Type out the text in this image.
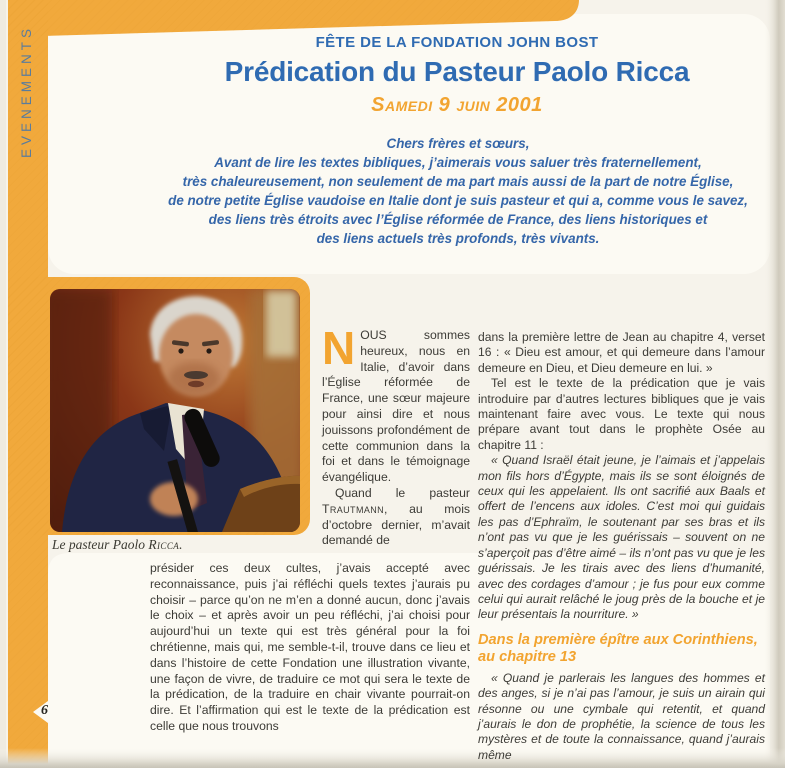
EVENEMENTS	FÊTE DE LA FONDATION JOHN BOST
Prédication du Pasteur Paolo Ricca
Samedi 9 juin 2001
Chers frères et sœurs,
Avant de lire les textes bibliques, j’aimerais vous saluer très fraternellement,
très chaleureusement, non seulement de ma part mais aussi de la part de notre Église,
de notre petite Église vaudoise en Italie dont je suis pasteur et qui a, comme vous le savez,
des liens très étroits avec l’Église réformée de France, des liens historiques et
des liens actuels très profonds, très vivants.
Le pasteur Paolo Ricca.

NOUS sommes heureux, nous en Italie, d’avoir dans l’Église réformée de France, une sœur majeure pour ainsi dire et nous jouissons profondément de cette communion dans la foi et dans le témoignage évangélique.

Quand le pasteur Trautmann, au mois d’octobre dernier, m’avait demandé de

présider ces deux cultes, j’avais accepté avec reconnaissance, puis j’ai réfléchi quels textes j’aurais pu choisir – parce qu’on ne m’en a donné aucun, donc j’avais le choix – et après avoir un peu réfléchi, j’ai choisi pour aujourd’hui un texte qui est très général pour la foi chrétienne, mais qui, me semble-t-il, trouve dans ce lieu et dans l’histoire de cette Fondation une illustration vivante, une façon de vivre, de traduire ce mot qui sera le texte de la prédication, de la traduire en chair vivante pourrait-on dire. Et l’affirmation qui est le texte de la prédication est celle que nous trouvons

dans la première lettre de Jean au chapitre 4, verset 16 : « Dieu est amour, et qui demeure dans l’amour demeure en Dieu, et Dieu demeure en lui. »

Tel est le texte de la prédication que je vais introduire par d’autres lectures bibliques que je vais maintenant faire avec vous. Le texte qui nous prépare avant tout dans le prophète Osée au chapitre 11 :

« Quand Israël était jeune, je l’aimais et j’appelais mon fils hors d’Égypte, mais ils se sont éloignés de ceux qui les appelaient. Ils ont sacrifié aux Baals et offert de l’encens aux idoles. C’est moi qui guidais les pas d’Ephraïm, le soutenant par ses bras et ils n’ont pas vu que je les guérissais – souvent on ne s’aperçoit pas d’être aimé – ils n’ont pas vu que je les guérissais. Je les tirais avec des liens d’humanité, avec des cordages d’amour ; je fus pour eux comme celui qui aurait relâché le joug près de la bouche et je leur présentais la nourriture. »

Dans la première épître aux Corinthiens, au chapitre 13

« Quand je parlerais les langues des hommes et des anges, si je n’ai pas l’amour, je suis un airain qui résonne ou une cymbale qui retentit, et quand j’aurais le don de prophétie, la science de tous les mystères et de toute la connaissance, quand j’aurais même

6
